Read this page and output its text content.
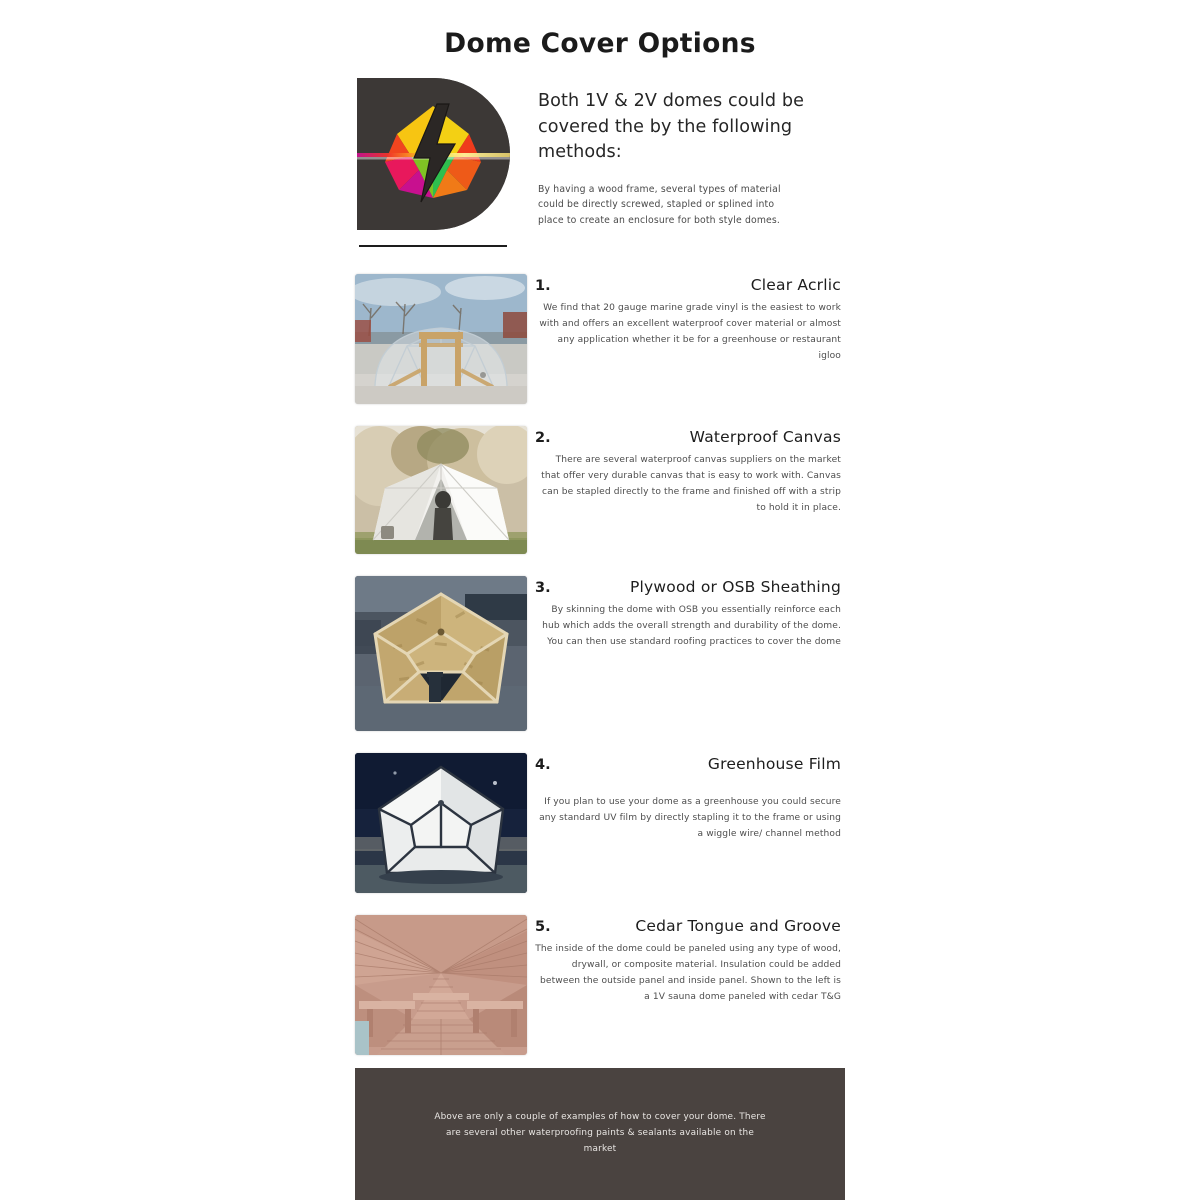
Dome Cover Options
Both 1V & 2V domes could be covered the by the following methods:
By having a wood frame, several types of material could be directly screwed, stapled or splined into place to create an enclosure for both style domes.
1.	Clear Acrlic
We find that 20 gauge marine grade vinyl is the easiest to work with and offers an excellent waterproof cover material or almost any application whether it be for a greenhouse or restaurant igloo
2.	Waterproof Canvas
There are several waterproof canvas suppliers on the market that offer very durable canvas that is easy to work with. Canvas can be stapled directly to the frame and finished off with a strip to hold it in place.
3.	Plywood or OSB Sheathing
By skinning the dome with OSB you essentially reinforce each hub which adds the overall strength and durability of the dome. You can then use standard roofing practices to cover the dome
4.	Greenhouse Film
If you plan to use your dome as a greenhouse you could secure any standard UV film by directly stapling it to the frame or using a wiggle wire/ channel method
5.	Cedar Tongue and Groove
The inside of the dome could be paneled using any type of wood, drywall, or composite material. Insulation could be added between the outside panel and inside panel. Shown to the left is a 1V sauna dome paneled with cedar T&G
Above are only a couple of examples of how to cover your dome. There are several other waterproofing paints & sealants available on the market
